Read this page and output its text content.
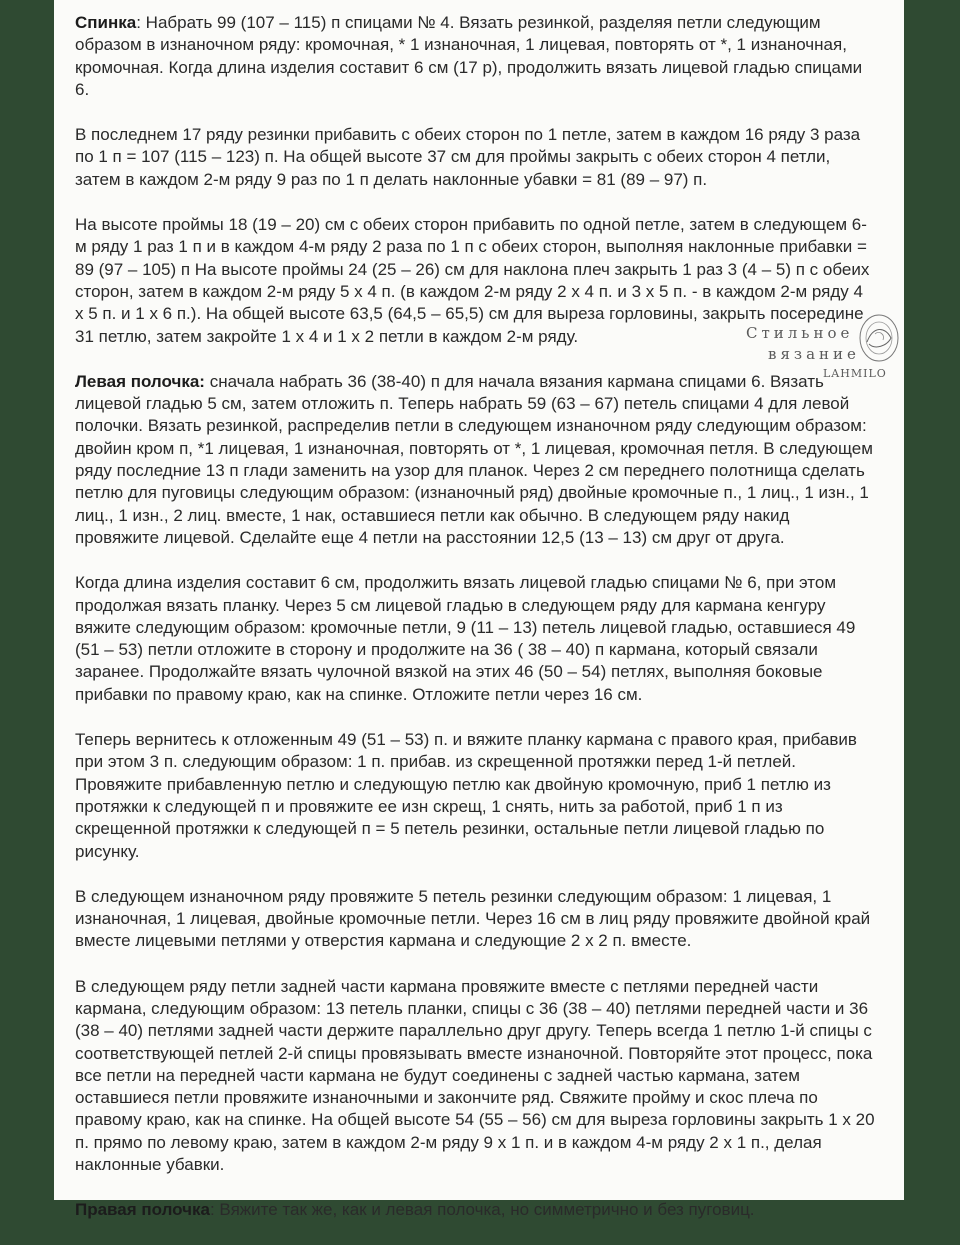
Спинка: Набрать 99 (107 – 115) п спицами № 4. Вязать резинкой, разделяя петли следующим образом в изнаночном ряду: кромочная, * 1 изнаночная, 1 лицевая, повторять от *, 1 изнаночная, кромочная. Когда длина изделия составит 6 см (17 р), продолжить вязать лицевой гладью спицами 6.

В последнем 17 ряду резинки прибавить с обеих сторон по 1 петле, затем в каждом 16 ряду 3 раза по 1 п = 107 (115 – 123) п. На общей высоте 37 см для проймы закрыть с обеих сторон 4 петли, затем в каждом 2-м ряду 9 раз по 1 п делать наклонные убавки = 81 (89 – 97) п.

На высоте проймы 18 (19 – 20) см с обеих сторон прибавить по одной петле, затем в следующем 6-м ряду 1 раз 1 п и в каждом 4-м ряду 2 раза по 1 п с обеих сторон, выполняя наклонные прибавки = 89 (97 – 105) п На высоте проймы 24 (25 – 26) см для наклона плеч закрыть 1 раз 3 (4 – 5) п с обеих сторон, затем в каждом 2-м ряду 5 х 4 п. (в каждом 2-м ряду 2 х 4 п. и 3 х 5 п. - в каждом 2-м ряду 4 х 5 п. и 1 х 6 п.). На общей высоте 63,5 (64,5 – 65,5) см для выреза горловины, закрыть посередине 31 петлю, затем закройте 1 х 4 и 1 х 2 петли в каждом 2-м ряду.

Левая полочка: сначала набрать 36 (38-40) п для начала вязания кармана спицами 6. Вязать лицевой гладью 5 см, затем отложить п. Теперь набрать 59 (63 – 67) петель спицами 4 для левой полочки. Вязать резинкой, распределив петли в следующем изнаночном ряду следующим образом: двойин кром п, *1 лицевая, 1 изнаночная, повторять от *, 1 лицевая, кромочная петля. В следующем ряду последние 13 п глади заменить на узор для планок. Через 2 см переднего полотнища сделать петлю для пуговицы следующим образом: (изнаночный ряд) двойные кромочные п., 1 лиц., 1 изн., 1 лиц., 1 изн., 2 лиц. вместе, 1 нак, оставшиеся петли как обычно. В следующем ряду накид провяжите лицевой. Сделайте еще 4 петли на расстоянии 12,5 (13 – 13) см друг от друга.

Когда длина изделия составит 6 см, продолжить вязать лицевой гладью спицами № 6, при этом продолжая вязать планку. Через 5 см лицевой гладью в следующем ряду для кармана кенгуру вяжите следующим образом: кромочные петли, 9 (11 – 13) петель лицевой гладью, оставшиеся 49 (51 – 53) петли отложите в сторону и продолжите на 36 ( 38 – 40) п кармана, который связали заранее. Продолжайте вязать чулочной вязкой на этих 46 (50 – 54) петлях, выполняя боковые прибавки по правому краю, как на спинке. Отложите петли через 16 см.

Теперь вернитесь к отложенным 49 (51 – 53) п. и вяжите планку кармана с правого края, прибавив при этом 3 п. следующим образом: 1 п. прибав. из скрещенной протяжки перед 1-й петлей. Провяжите прибавленную петлю и следующую петлю как двойную кромочную, приб 1 петлю из протяжки к следующей п и провяжите ее изн скрещ, 1 снять, нить за работой, приб 1 п из скрещенной протяжки к следующей п = 5 петель резинки, остальные петли лицевой гладью по рисунку.

В следующем изнаночном ряду провяжите 5 петель резинки следующим образом: 1 лицевая, 1 изнаночная, 1 лицевая, двойные кромочные петли. Через 16 см в лиц ряду провяжите двойной край вместе лицевыми петлями у отверстия кармана и следующие 2 х 2 п. вместе.

В следующем ряду петли задней части кармана провяжите вместе с петлями передней части кармана, следующим образом: 13 петель планки, спицы с 36 (38 – 40) петлями передней части и 36 (38 – 40) петлями задней части держите параллельно друг другу. Теперь всегда 1 петлю 1-й спицы с соответствующей петлей 2-й спицы провязывать вместе изнаночной. Повторяйте этот процесс, пока все петли на передней части кармана не будут соединены с задней частью кармана, затем оставшиеся петли провяжите изнаночными и закончите ряд. Свяжите пройму и скос плеча по правому краю, как на спинке. На общей высоте 54 (55 – 56) см для выреза горловины закрыть 1 х 20 п. прямо по левому краю, затем в каждом 2-м ряду 9 х 1 п. и в каждом 4-м ряду 2 х 1 п., делая наклонные убавки.

Правая полочка: Вяжите так же, как и левая полочка, но симметрично и без пуговиц.

Стильное
вязание
LAHMILO
